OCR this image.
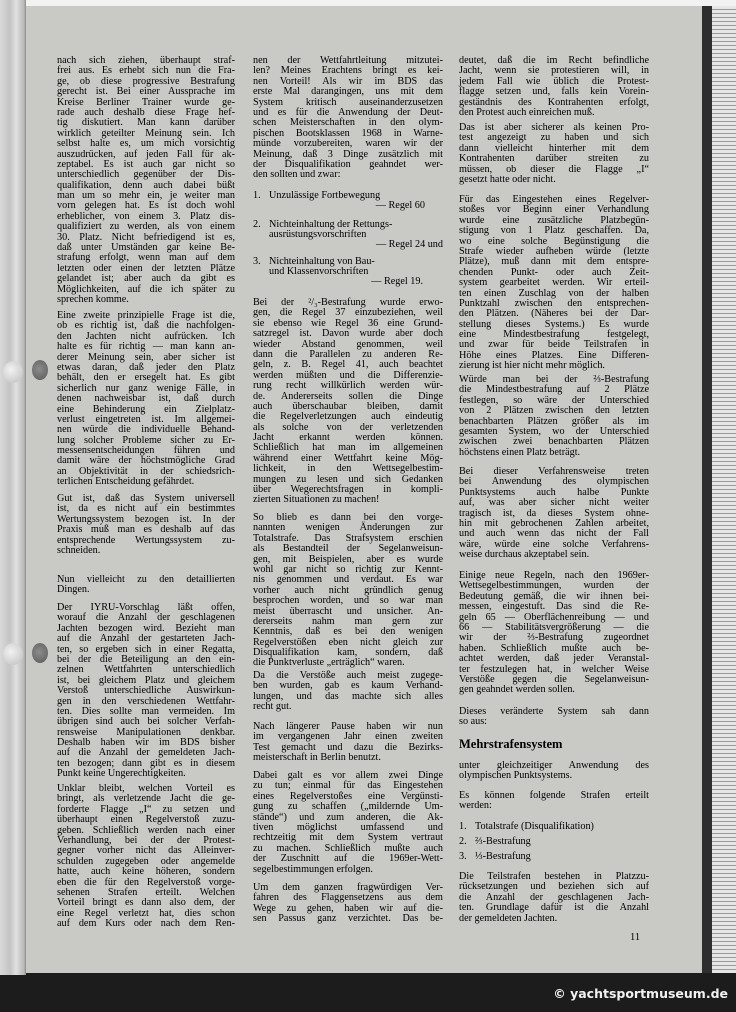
nach sich ziehen, überhaupt straf-
frei aus. Es erhebt sich nun die Fra-
ge, ob diese progressive Bestrafung
gerecht ist. Bei einer Aussprache im
Kreise Berliner Trainer wurde ge-
rade auch deshalb diese Frage hef-
tig diskutiert. Man kann darüber
wirklich geteilter Meinung sein. Ich
selbst halte es, um mich vorsichtig
auszudrücken, auf jeden Fall für ak-
zeptabel. Es ist auch gar nicht so
unterschiedlich gegenüber der Dis-
qualifikation, denn auch dabei büßt
man um so mehr ein, je weiter man
vorn gelegen hat. Es ist doch wohl
erheblicher, von einem 3. Platz dis-
qualifiziert zu werden, als von einem
30. Platz. Nicht befriedigend ist es,
daß unter Umständen gar keine Be-
strafung erfolgt, wenn man auf dem
letzten oder einen der letzten Plätze
gelandet ist; aber auch da gibt es
Möglichkeiten, auf die ich später zu
sprechen komme.
Eine zweite prinzipielle Frage ist die,
ob es richtig ist, daß die nachfolgen-
den Jachten nicht aufrücken. Ich
halte es für richtig — man kann an-
derer Meinung sein, aber sicher ist
etwas daran, daß jeder den Platz
behält, den er ersegelt hat. Es gibt
sicherlich nur ganz wenige Fälle, in
denen nachweisbar ist, daß durch
eine Behinderung ein Zielplatz-
verlust eingetreten ist. Im allgemei-
nen würde die individuelle Behand-
lung solcher Probleme sicher zu Er-
messensentscheidungen führen und
damit wäre der höchstmögliche Grad
an Objektivität in der schiedsrich-
terlichen Entscheidung gefährdet.
Gut ist, daß das System universell
ist, da es nicht auf ein bestimmtes
Wertungssystem bezogen ist. In der
Praxis muß man es deshalb auf das
entsprechende Wertungssystem zu-
schneiden.
Nun vielleicht zu den detaillierten
Dingen.
Der IYRU-Vorschlag läßt offen,
worauf die Anzahl der geschlagenen
Jachten bezogen wird. Bezieht man
auf die Anzahl der gestarteten Jach-
ten, so ergeben sich in einer Regatta,
bei der die Beteiligung an den ein-
zelnen Wettfahrten unterschiedlich
ist, bei gleichem Platz und gleichem
Verstoß unterschiedliche Auswirkun-
gen in den verschiedenen Wettfahr-
ten. Dies sollte man vermeiden. Im
übrigen sind auch bei solcher Verfah-
rensweise Manipulationen denkbar.
Deshalb haben wir im BDS bisher
auf die Anzahl der gemeldeten Jach-
ten bezogen; dann gibt es in diesem
Punkt keine Ungerechtigkeiten.
Unklar bleibt, welchen Vorteil es
bringt, als verletzende Jacht die ge-
forderte Flagge „I“ zu setzen und
überhaupt einen Regelverstoß zuzu-
geben. Schließlich werden nach einer
Verhandlung, bei der der Protest-
gegner vorher nicht das Alleinver-
schulden zugegeben oder angemelde
hatte, auch keine höheren, sondern
eben die für den Regelverstoß vorge-
sehenen Strafen erteilt. Welchen
Vorteil bringt es dann also dem, der
eine Regel verletzt hat, dies schon
auf dem Kurs oder nach dem Ren-
nen der Wettfahrtleitung mitzutei-
len? Meines Erachtens bringt es kei-
nen Vorteil! Als wir im BDS das
erste Mal darangingen, uns mit dem
System kritisch auseinanderzusetzen
und es für die Anwendung der Deut-
schen Meisterschaften in den olym-
pischen Bootsklassen 1968 in Warne-
münde vorzubereiten, waren wir der
Meinung, daß 3 Dinge zusätzlich mit
der Disqualifikation geahndet wer-
den sollten und zwar:
1. Unzulässige Fortbewegung
— Regel 60
2. Nichteinhaltung der Rettungs-
ausrüstungsvorschriften
— Regel 24 und
3. Nichteinhaltung von Bau-
und Klassenvorschriften
— Regel 19.
Bei der ²/₃-Bestrafung wurde erwo-
gen, die Regel 37 einzubeziehen, weil
sie ebenso wie Regel 36 eine Grund-
satzregel ist. Davon wurde aber doch
wieder Abstand genommen, weil
dann die Parallelen zu anderen Re-
geln, z. B. Regel 41, auch beachtet
werden müßten und die Differenzie-
rung recht willkürlich werden wür-
de. Andererseits sollen die Dinge
auch überschaubar bleiben, damit
die Regelverletzungen auch eindeutig
als solche von der verletzenden
Jacht erkannt werden können.
Schließlich hat man im allgemeinen
während einer Wettfahrt keine Mög-
lichkeit, in den Wettsegelbestim-
mungen zu lesen und sich Gedanken
über Wegerechtsfragen in kompli-
zierten Situationen zu machen!
So blieb es dann bei den vorge-
nannten wenigen Änderungen zur
Totalstrafe. Das Strafsystem erschien
als Bestandteil der Segelanweisun-
gen, mit Beispielen, aber es wurde
wohl gar nicht so richtig zur Kennt-
nis genommen und verdaut. Es war
vorher auch nicht gründlich genug
besprochen worden, und so war man
meist überrascht und unsicher. An-
dererseits nahm man gern zur
Kenntnis, daß es bei den wenigen
Regelverstößen eben nicht gleich zur
Disqualifikation kam, sondern, daß
die Punktverluste „erträglich“ waren.
Da die Verstöße auch meist zugege-
ben wurden, gab es kaum Verhand-
lungen, und das machte sich alles
recht gut.
Nach längerer Pause haben wir nun
im vergangenen Jahr einen zweiten
Test gemacht und dazu die Bezirks-
meisterschaft in Berlin benutzt.
Dabei galt es vor allem zwei Dinge
zu tun; einmal für das Eingestehen
eines Regelverstoßes eine Vergünsti-
gung zu schaffen („mildernde Um-
stände“) und zum anderen, die Ak-
tiven möglichst umfassend und
rechtzeitig mit dem System vertraut
zu machen. Schließlich mußte auch
der Zuschnitt auf die 1969er-Wett-
segelbestimmungen erfolgen.
Um dem ganzen fragwürdigen Ver-
fahren des Flaggensetzens aus dem
Wege zu gehen, haben wir auf die-
sen Passus ganz verzichtet. Das be-
deutet, daß die im Recht befindliche
Jacht, wenn sie protestieren will, in
jedem Fall wie üblich die Protest-
flagge setzen und, falls kein Vorein-
geständnis des Kontrahenten erfolgt,
den Protest auch einreichen muß.
Das ist aber sicherer als keinen Pro-
test angezeigt zu haben und sich
dann vielleicht hinterher mit dem
Kontrahenten darüber streiten zu
müssen, ob dieser die Flagge „I“
gesetzt hatte oder nicht.
Für das Eingestehen eines Regelver-
stoßes vor Beginn einer Verhandlung
wurde eine zusätzliche Platzbegün-
stigung von 1 Platz geschaffen. Da,
wo eine solche Begünstigung die
Strafe wieder aufheben würde (letzte
Plätze), muß dann mit dem entspre-
chenden Punkt- oder auch Zeit-
system gearbeitet werden. Wir erteil-
ten einen Zuschlag von der halben
Punktzahl zwischen den entsprechen-
den Plätzen. (Näheres bei der Dar-
stellung dieses Systems.) Es wurde
eine Mindestbestrafung festgelegt,
und zwar für beide Teilstrafen in
Höhe eines Platzes. Eine Differen-
zierung ist hier nicht mehr möglich.
Würde man bei der ⅔-Bestrafung
die Mindestbestrafung auf 2 Plätze
festlegen, so wäre der Unterschied
von 2 Plätzen zwischen den letzten
benachbarten Plätzen größer als im
gesamten System, wo der Unterschied
zwischen zwei benachbarten Plätzen
höchstens einen Platz beträgt.
Bei dieser Verfahrensweise treten
bei Anwendung des olympischen
Punktsystems auch halbe Punkte
auf, was aber sicher nicht weiter
tragisch ist, da dieses System ohne-
hin mit gebrochenen Zahlen arbeitet,
und auch wenn das nicht der Fall
wäre, würde eine solche Verfahrens-
weise durchaus akzeptabel sein.
Einige neue Regeln, nach den 1969er-
Wettsegelbestimmungen, wurden der
Bedeutung gemäß, die wir ihnen bei-
messen, eingestuft. Das sind die Re-
geln 65 — Oberflächenreibung — und
66 — Stabilitätsvergrößerung — die
wir der ⅔-Bestrafung zugeordnet
haben. Schließlich mußte auch be-
achtet werden, daß jeder Veranstal-
ter festzulegen hat, in welcher Weise
Verstöße gegen die Segelanweisun-
gen geahndet werden sollen.
Dieses veränderte System sah dann
so aus:
Mehrstrafensystem
unter gleichzeitiger Anwendung des
olympischen Punktsystems.
Es können folgende Strafen erteilt
werden:
1. Totalstrafe (Disqualifikation)
2. ⅔-Bestrafung
3. ⅓-Bestrafung
Die Teilstrafen bestehen in Platzzu-
rücksetzungen und beziehen sich auf
die Anzahl der geschlagenen Jach-
ten. Grundlage dafür ist die Anzahl
der gemeldeten Jachten.
11
© yachtsportmuseum.de
